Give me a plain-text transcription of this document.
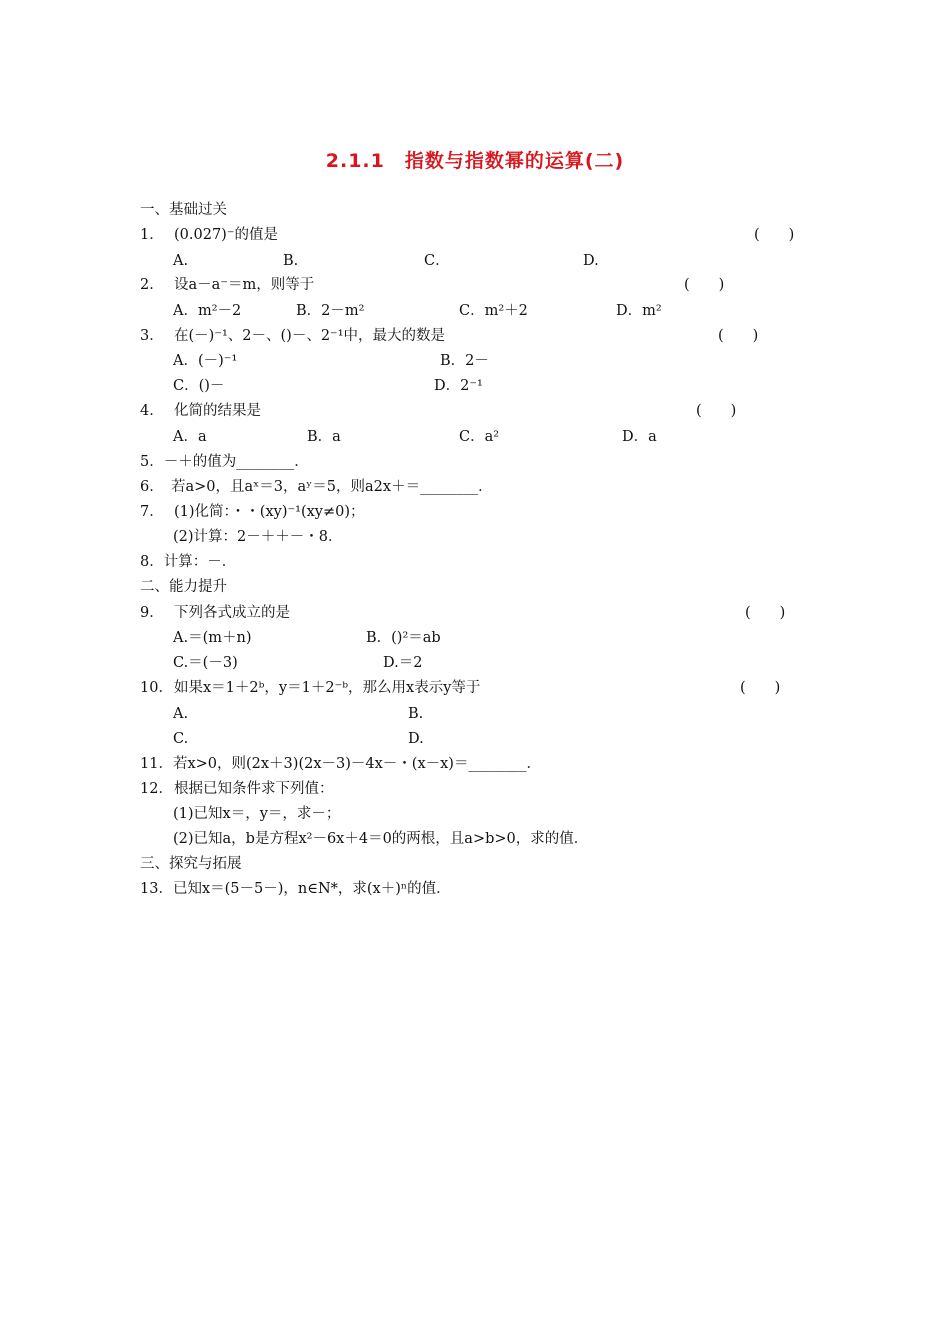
2.1.1　指数与指数幂的运算(二)
一、基础过关
1． (0.027)⁻的值是	(　　)
A.	B.	C．	D.
2． 设a－a⁻＝m，则等于	(　　)
A．m²－2	B．2－m²	C．m²＋2	D．m²
3． 在(－)⁻¹、2－、()－、2⁻¹中，最大的数是	(　　)
A．(－)⁻¹	B．2－
C．()－	D．2⁻¹
4． 化简的结果是	(　　)
A．a	B．a	C．a²	D．a
5．－＋的值为________．
6．　若a>0，且aˣ＝3，aʸ＝5，则a2x＋＝________．
7． (1)化简：・・(xy)⁻¹(xy≠0)；
(2)计算：2－＋＋－・8．
8．计算：－．
二、能力提升
9． 下列各式成立的是	(　　)
A.＝(m＋n)	B．()²＝ab
C.＝(－3)	D.＝2
10．如果x＝1＋2ᵇ，y＝1＋2⁻ᵇ，那么用x表示y等于	(　　)
A.	B.
C.	D.
11．若x>0，则(2x＋3)(2x－3)－4x－・(x－x)＝________．
12．根据已知条件求下列值：
(1)已知x＝，y＝，求－；
(2)已知a，b是方程x²－6x＋4＝0的两根，且a>b>0，求的值．
三、探究与拓展
13．已知x＝(5－5－)，n∈N*，求(x＋)ⁿ的值．
